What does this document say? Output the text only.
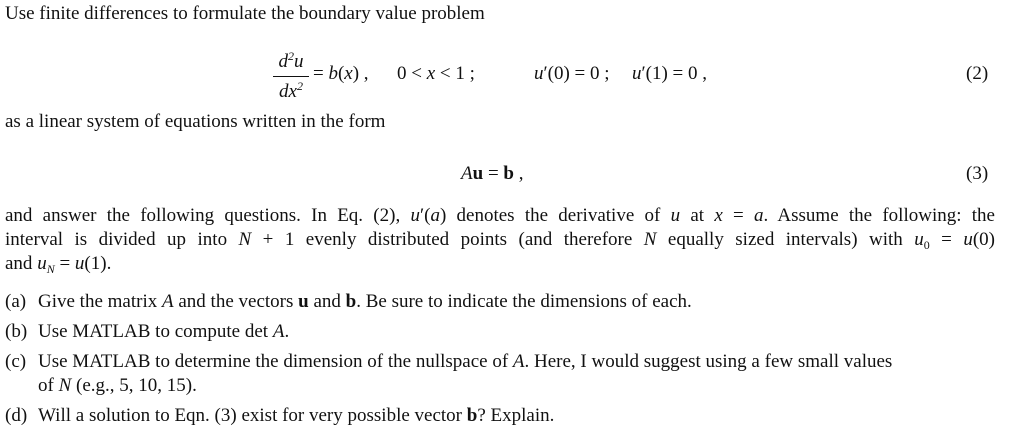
Use finite differences to formulate the boundary value problem
$d^2u$
$dx^2$
= b(x) , 0 < x < 1 ;	u′(0) = 0 ; u′(1) = 0 ,	(2)
as a linear system of equations written in the form
Au = b ,	(3)
and answer the following questions. In Eq. (2), u′(a) denotes the derivative of u at x = a. Assume the following: the
interval is divided up into N + 1 evenly distributed points (and therefore N equally sized intervals) with $u_0 = u(0)$
and $u_N = u(1)$.
(a) Give the matrix A and the vectors u and b. Be sure to indicate the dimensions of each.
(b) Use MATLAB to compute det A.
(c) Use MATLAB to determine the dimension of the nullspace of A. Here, I would suggest using a few small values
of N (e.g., 5, 10, 15).
(d) Will a solution to Eqn. (3) exist for very possible vector b? Explain.
